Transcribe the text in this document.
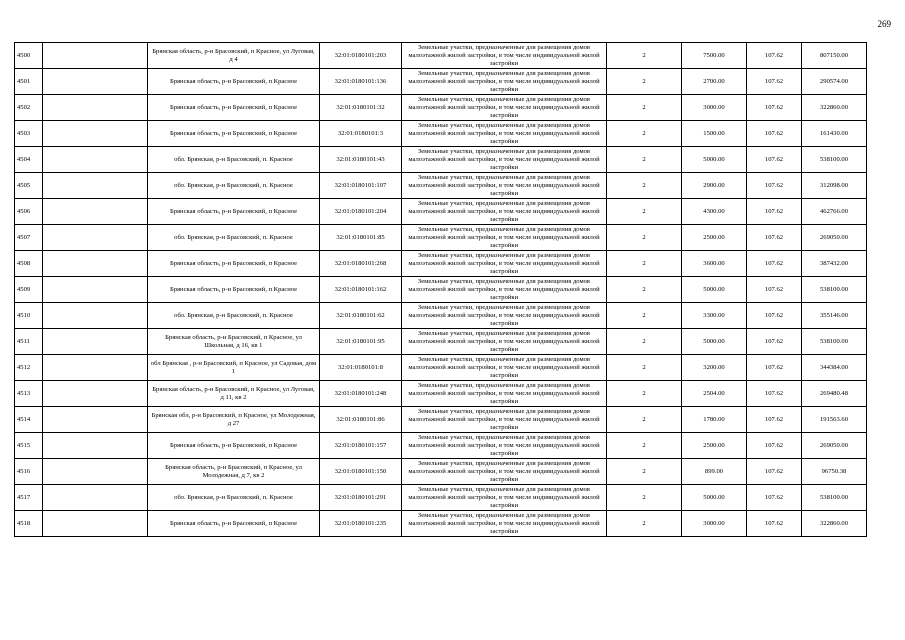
269
4500		Брянская область, р-н Брасовский, п Красное, ул Луговая, д 4	32:01:0180101:203	Земельные участки, предназначенные для размещения домов малоэтажной жилой застройки, в том числе индивидуальной жилой застройки	2	7500.00	107.62	807150.00
4501		Брянская область, р-н Брасовский, п Красное	32:01:0180101:136	Земельные участки, предназначенные для размещения домов малоэтажной жилой застройки, в том числе индивидуальной жилой застройки	2	2700.00	107.62	290574.00
4502		Брянская область, р-н Брасовский, п Красное	32:01:0180101:32	Земельные участки, предназначенные для размещения домов малоэтажной жилой застройки, в том числе индивидуальной жилой застройки	2	3000.00	107.62	322860.00
4503		Брянская область, р-н Брасовский, п Красное	32:01:0180101:3	Земельные участки, предназначенные для размещения домов малоэтажной жилой застройки, в том числе индивидуальной жилой застройки	2	1500.00	107.62	161430.00
4504		обл. Брянская, р-н Брасовский, п. Красное	32:01:0180101:43	Земельные участки, предназначенные для размещения домов малоэтажной жилой застройки, в том числе индивидуальной жилой застройки	2	5000.00	107.62	538100.00
4505		обл. Брянская, р-н Брасовский, п. Красное	32:01:0180101:107	Земельные участки, предназначенные для размещения домов малоэтажной жилой застройки, в том числе индивидуальной жилой застройки	2	2900.00	107.62	312098.00
4506		Брянская область, р-н Брасовский, п Красное	32:01:0180101:204	Земельные участки, предназначенные для размещения домов малоэтажной жилой застройки, в том числе индивидуальной жилой застройки	2	4300.00	107.62	462766.00
4507		обл. Брянская, р-н Брасовский, п. Красное	32:01:0180101:85	Земельные участки, предназначенные для размещения домов малоэтажной жилой застройки, в том числе индивидуальной жилой застройки	2	2500.00	107.62	269050.00
4508		Брянская область, р-н Брасовский, п Красное	32:01:0180101:268	Земельные участки, предназначенные для размещения домов малоэтажной жилой застройки, в том числе индивидуальной жилой застройки	2	3600.00	107.62	387432.00
4509		Брянская область, р-н Брасовский, п Красное	32:01:0180101:162	Земельные участки, предназначенные для размещения домов малоэтажной жилой застройки, в том числе индивидуальной жилой застройки	2	5000.00	107.62	538100.00
4510		обл. Брянская, р-н Брасовский, п. Красное	32:01:0180101:62	Земельные участки, предназначенные для размещения домов малоэтажной жилой застройки, в том числе индивидуальной жилой застройки	2	3300.00	107.62	355146.00
4511		Брянская область, р-н Брасовский, п Красное, ул Школьная, д 16, кв 1	32:01:0180101:95	Земельные участки, предназначенные для размещения домов малоэтажной жилой застройки, в том числе индивидуальной жилой застройки	2	5000.00	107.62	538100.00
4512		обл Брянская , р-н Брасовский, п Красное, ул Садовая, дом 1	32:01:0180101:8	Земельные участки, предназначенные для размещения домов малоэтажной жилой застройки, в том числе индивидуальной жилой застройки	2	3200.00	107.62	344384.00
4513		Брянская область, р-н Брасовский, п Красное, ул Луговая, д 11, кв 2	32:01:0180101:248	Земельные участки, предназначенные для размещения домов малоэтажной жилой застройки, в том числе индивидуальной жилой застройки	2	2504.00	107.62	269480.48
4514		Брянская обл, р-н Брасовский, п Красное, ул Молодежная, д 27	32:01:0180101:86	Земельные участки, предназначенные для размещения домов малоэтажной жилой застройки, в том числе индивидуальной жилой застройки	2	1780.00	107.62	191563.60
4515		Брянская область, р-н Брасовский, п Красное	32:01:0180101:157	Земельные участки, предназначенные для размещения домов малоэтажной жилой застройки, в том числе индивидуальной жилой застройки	2	2500.00	107.62	269050.00
4516		Брянская область, р-н Брасовский, п Красное, ул Молодежная, д 7, кв 2	32:01:0180101:150	Земельные участки, предназначенные для размещения домов малоэтажной жилой застройки, в том числе индивидуальной жилой застройки	2	899.00	107.62	96750.38
4517		обл. Брянская, р-н Брасовский, п. Красное	32:01:0180101:291	Земельные участки, предназначенные для размещения домов малоэтажной жилой застройки, в том числе индивидуальной жилой застройки	2	5000.00	107.62	538100.00
4518		Брянская область, р-н Брасовский, п Красное	32:01:0180101:235	Земельные участки, предназначенные для размещения домов малоэтажной жилой застройки, в том числе индивидуальной жилой застройки	2	3000.00	107.62	322860.00
